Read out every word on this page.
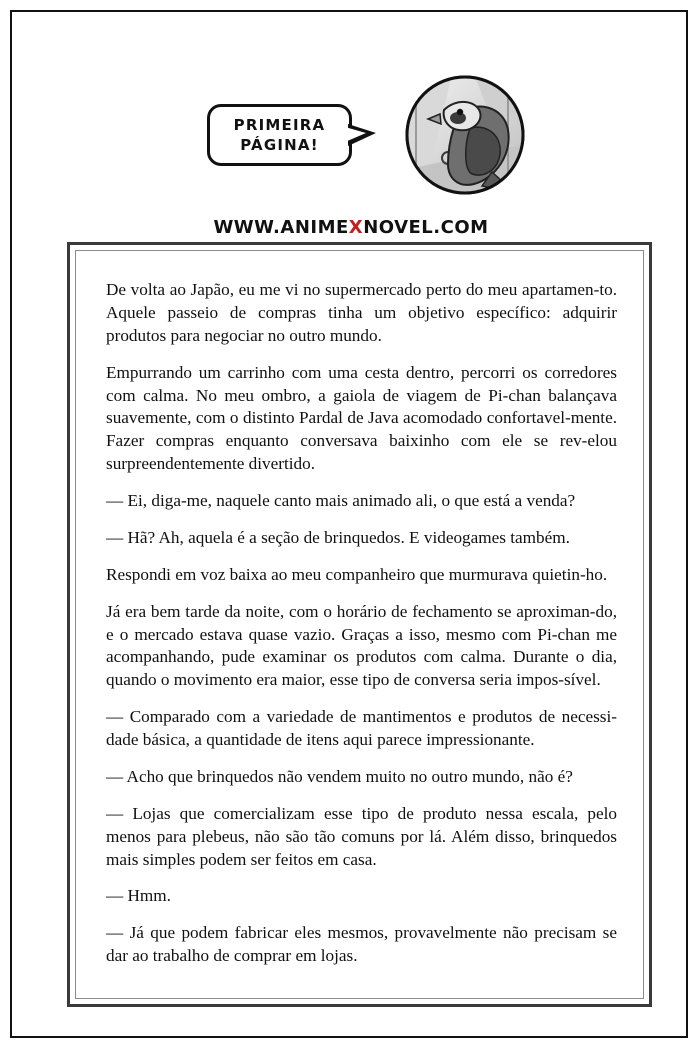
PRIMEIRA
PÁGINA!
WWW.ANIMEXNOVEL.COM

De volta ao Japão, eu me vi no supermercado perto do meu apartamen-to. Aquele passeio de compras tinha um objetivo específico: adquirir produtos para negociar no outro mundo.

Empurrando um carrinho com uma cesta dentro, percorri os corredores com calma. No meu ombro, a gaiola de viagem de Pi-chan balançava suavemente, com o distinto Pardal de Java acomodado confortavel-mente. Fazer compras enquanto conversava baixinho com ele se rev-elou surpreendentemente divertido.

— Ei, diga-me, naquele canto mais animado ali, o que está a venda?

— Hã? Ah, aquela é a seção de brinquedos. E videogames também.

Respondi em voz baixa ao meu companheiro que murmurava quietin-ho.

Já era bem tarde da noite, com o horário de fechamento se aproximan-do, e o mercado estava quase vazio. Graças a isso, mesmo com Pi-chan me acompanhando, pude examinar os produtos com calma. Durante o dia, quando o movimento era maior, esse tipo de conversa seria impos-sível.

— Comparado com a variedade de mantimentos e produtos de necessi-dade básica, a quantidade de itens aqui parece impressionante.

— Acho que brinquedos não vendem muito no outro mundo, não é?

— Lojas que comercializam esse tipo de produto nessa escala, pelo menos para plebeus, não são tão comuns por lá. Além disso, brinquedos mais simples podem ser feitos em casa.

— Hmm.

— Já que podem fabricar eles mesmos, provavelmente não precisam se dar ao trabalho de comprar em lojas.
